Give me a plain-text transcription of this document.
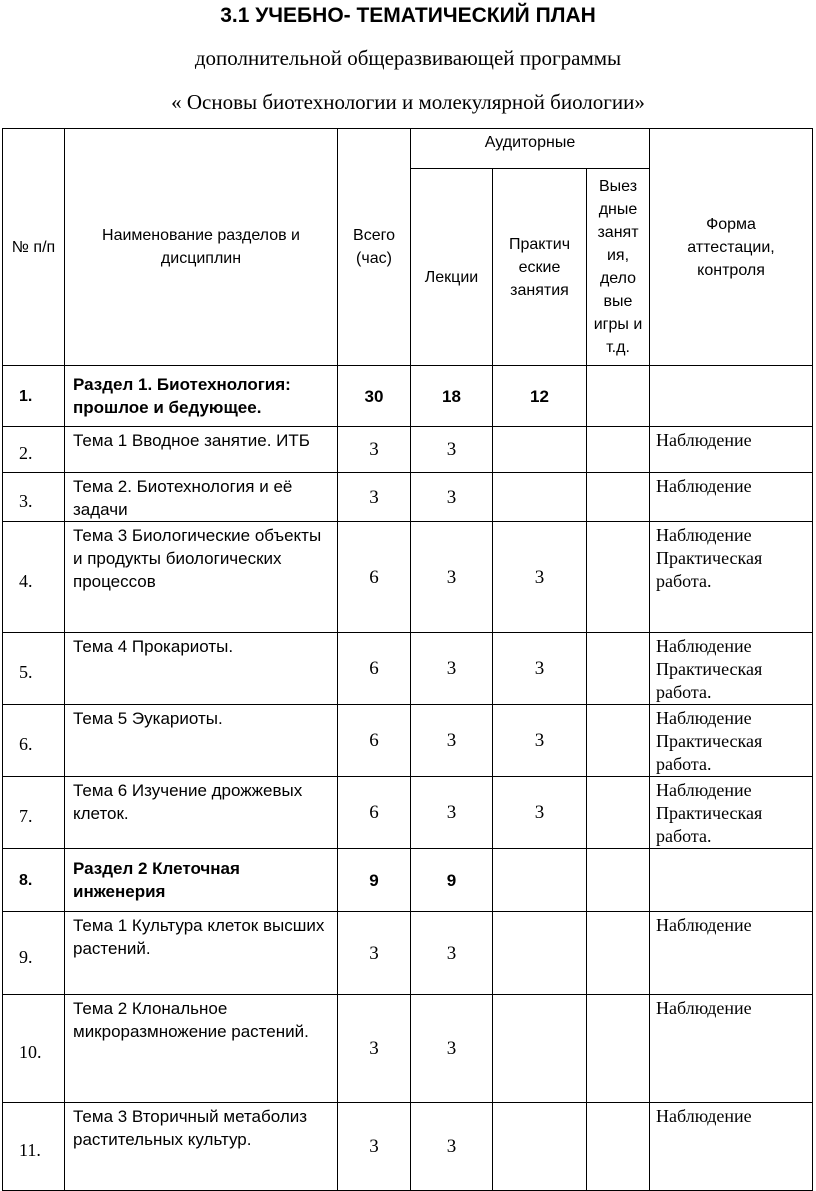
3.1 УЧЕБНО- ТЕМАТИЧЕСКИЙ ПЛАН
дополнительной общеразвивающей программы
« Основы биотехнологии и молекулярной биологии»
№ п/п	Наименование разделов и дисциплин	Всего (час)	Аудиторные			Форма аттестации, контроля
			Лекции	Практич еские занятия	Выез дные занят ия, дело вые игры и т.д.	
1.	Раздел 1. Биотехнология: прошлое и бедующее.	30	18	12		
2.	Тема 1 Вводное занятие. ИТБ	3	3			Наблюдение
3.	Тема 2. Биотехнология и её задачи	3	3			Наблюдение
4.	Тема 3 Биологические объекты и продукты биологических процессов	6	3	3		Наблюдение Практическая работа.
5.	Тема 4 Прокариоты.	6	3	3		Наблюдение Практическая работа.
6.	Тема 5 Эукариоты.	6	3	3		Наблюдение Практическая работа.
7.	Тема 6 Изучение дрожжевых клеток.	6	3	3		Наблюдение Практическая работа.
8.	Раздел 2 Клеточная инженерия	9	9			
9.	Тема 1 Культура клеток высших растений.	3	3			Наблюдение
10.	Тема 2 Клональное микроразмножение растений.	3	3			Наблюдение
11.	Тема 3 Вторичный метаболиз растительных культур.	3	3			Наблюдение
